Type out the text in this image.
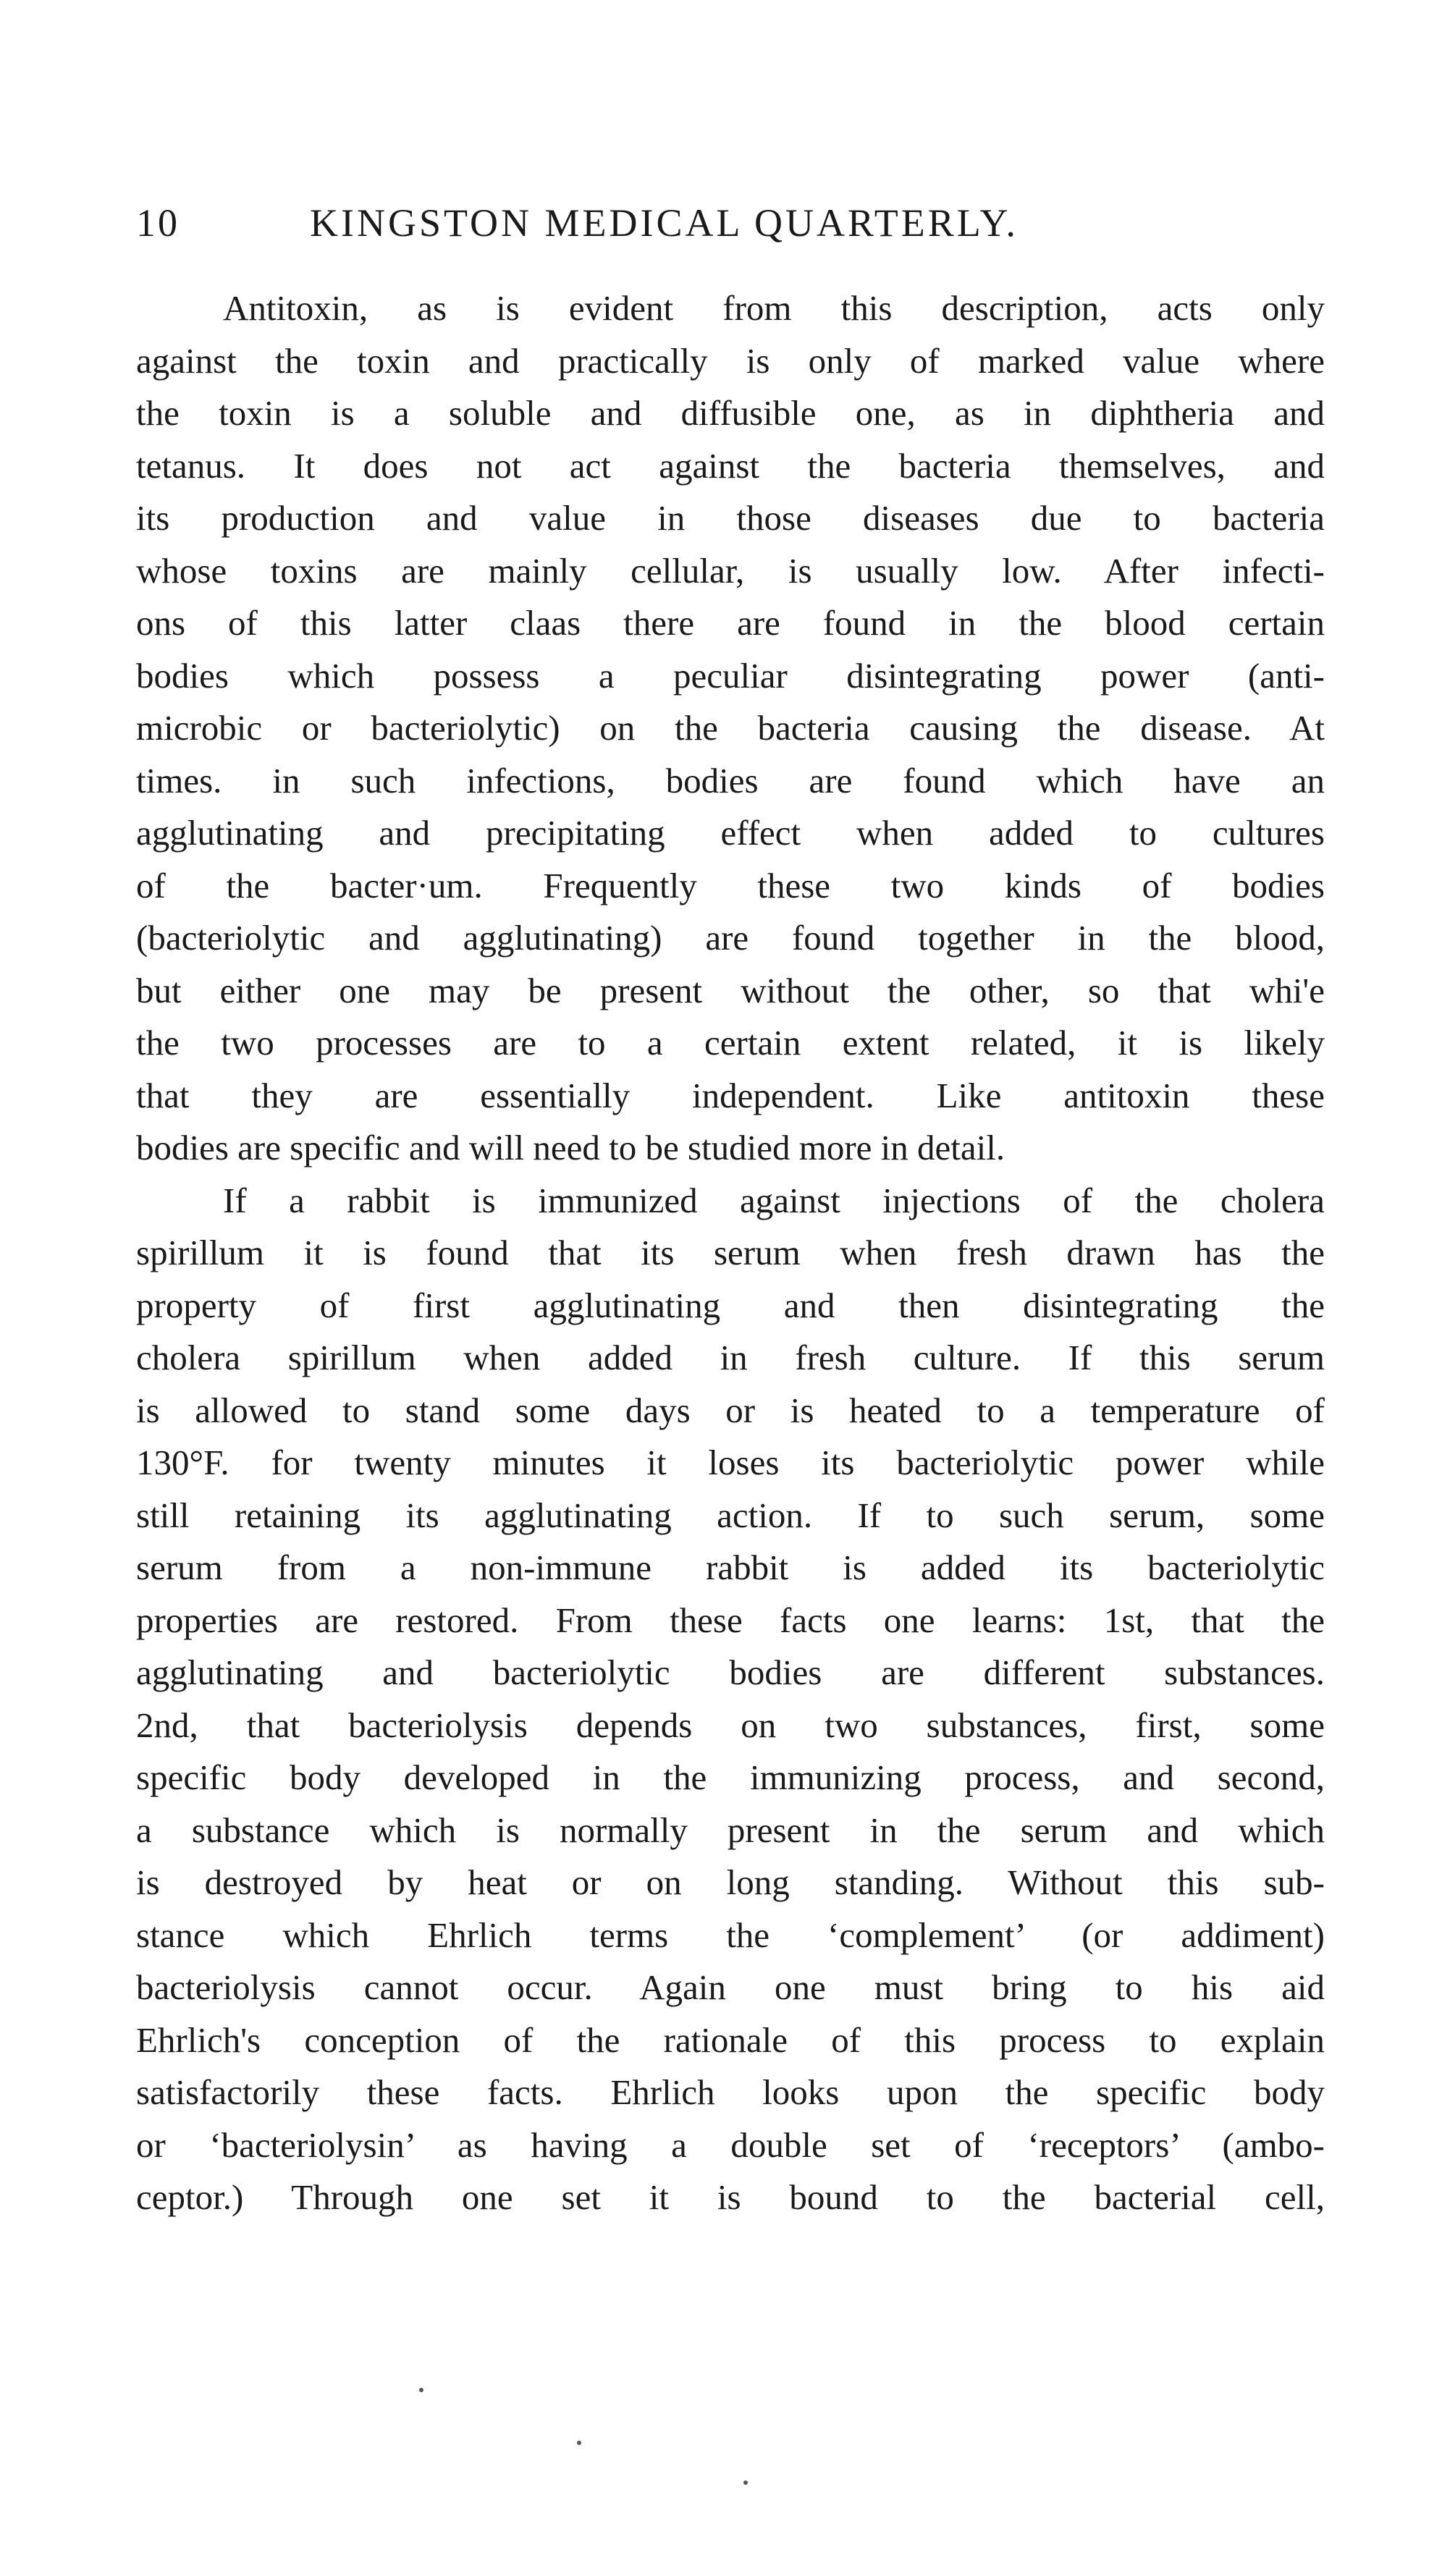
10	KINGSTON MEDICAL QUARTERLY.
Antitoxin, as is evident from this description, acts only
against the toxin and practically is only of marked value where
the toxin is a soluble and diffusible one, as in diphtheria and
tetanus. It does not act against the bacteria themselves, and
its production and value in those diseases due to bacteria
whose toxins are mainly cellular, is usually low. After infecti-
ons of this latter claas there are found in the blood certain
bodies which possess a peculiar disintegrating power (anti-
microbic or bacteriolytic) on the bacteria causing the disease. At
times. in such infections, bodies are found which have an
agglutinating and precipitating effect when added to cultures
of the bacter·um. Frequently these two kinds of bodies
(bacteriolytic and agglutinating) are found together in the blood,
but either one may be present without the other, so that whi'e
the two processes are to a certain extent related, it is likely
that they are essentially independent. Like antitoxin these
bodies are specific and will need to be studied more in detail.
If a rabbit is immunized against injections of the cholera
spirillum it is found that its serum when fresh drawn has the
property of first agglutinating and then disintegrating the
cholera spirillum when added in fresh culture. If this serum
is allowed to stand some days or is heated to a temperature of
130°F. for twenty minutes it loses its bacteriolytic power while
still retaining its agglutinating action. If to such serum, some
serum from a non-immune rabbit is added its bacteriolytic
properties are restored. From these facts one learns: 1st, that the
agglutinating and bacteriolytic bodies are different substances.
2nd, that bacteriolysis depends on two substances, first, some
specific body developed in the immunizing process, and second,
a substance which is normally present in the serum and which
is destroyed by heat or on long standing. Without this sub-
stance which Ehrlich terms the ‘complement’ (or addiment)
bacteriolysis cannot occur. Again one must bring to his aid
Ehrlich's conception of the rationale of this process to explain
satisfactorily these facts. Ehrlich looks upon the specific body
or ‘bacteriolysin’ as having a double set of ‘receptors’ (ambo-
ceptor.) Through one set it is bound to the bacterial cell,
